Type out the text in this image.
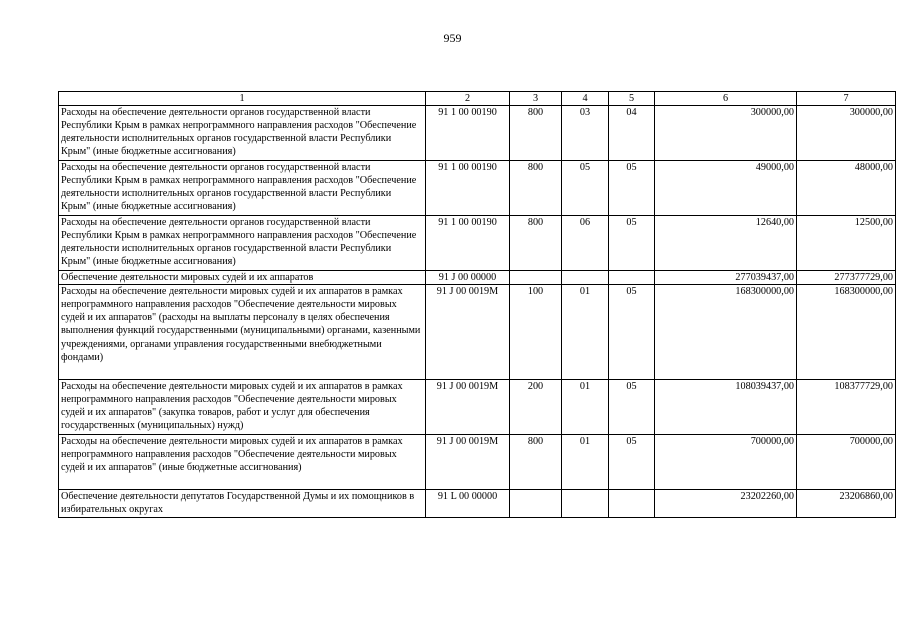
959
1	2	3	4	5	6	7
Расходы на обеспечение деятельности органов государственной власти Республики Крым в рамках непрограммного направления расходов "Обеспечение деятельности исполнительных органов государственной власти Республики Крым" (иные бюджетные ассигнования)	91 1 00 00190	800	03	04	300000,00	300000,00
Расходы на обеспечение деятельности органов государственной власти Республики Крым в рамках непрограммного направления расходов "Обеспечение деятельности исполнительных органов государственной власти Республики Крым" (иные бюджетные ассигнования)	91 1 00 00190	800	05	05	49000,00	48000,00
Расходы на обеспечение деятельности органов государственной власти Республики Крым в рамках непрограммного направления расходов "Обеспечение деятельности исполнительных органов государственной власти Республики Крым" (иные бюджетные ассигнования)	91 1 00 00190	800	06	05	12640,00	12500,00
Обеспечение деятельности мировых судей и их аппаратов	91 J 00 00000				277039437,00	277377729,00
Расходы на обеспечение деятельности мировых судей и их аппаратов в рамках непрограммного направления расходов "Обеспечение деятельности мировых судей и их аппаратов" (расходы на выплаты персоналу в целях обеспечения выполнения функций государственными (муниципальными) органами, казенными учреждениями, органами управления государственными внебюджетными фондами)	91 J 00 0019M	100	01	05	168300000,00	168300000,00
Расходы на обеспечение деятельности мировых судей и их аппаратов в рамках непрограммного направления расходов "Обеспечение деятельности мировых судей и их аппаратов" (закупка товаров, работ и услуг для обеспечения государственных (муниципальных) нужд)	91 J 00 0019M	200	01	05	108039437,00	108377729,00
Расходы на обеспечение деятельности мировых судей и их аппаратов в рамках непрограммного направления расходов "Обеспечение деятельности мировых судей и их аппаратов" (иные бюджетные ассигнования)	91 J 00 0019M	800	01	05	700000,00	700000,00
Обеспечение деятельности депутатов Государственной Думы и их помощников в избирательных округах	91 L 00 00000				23202260,00	23206860,00
